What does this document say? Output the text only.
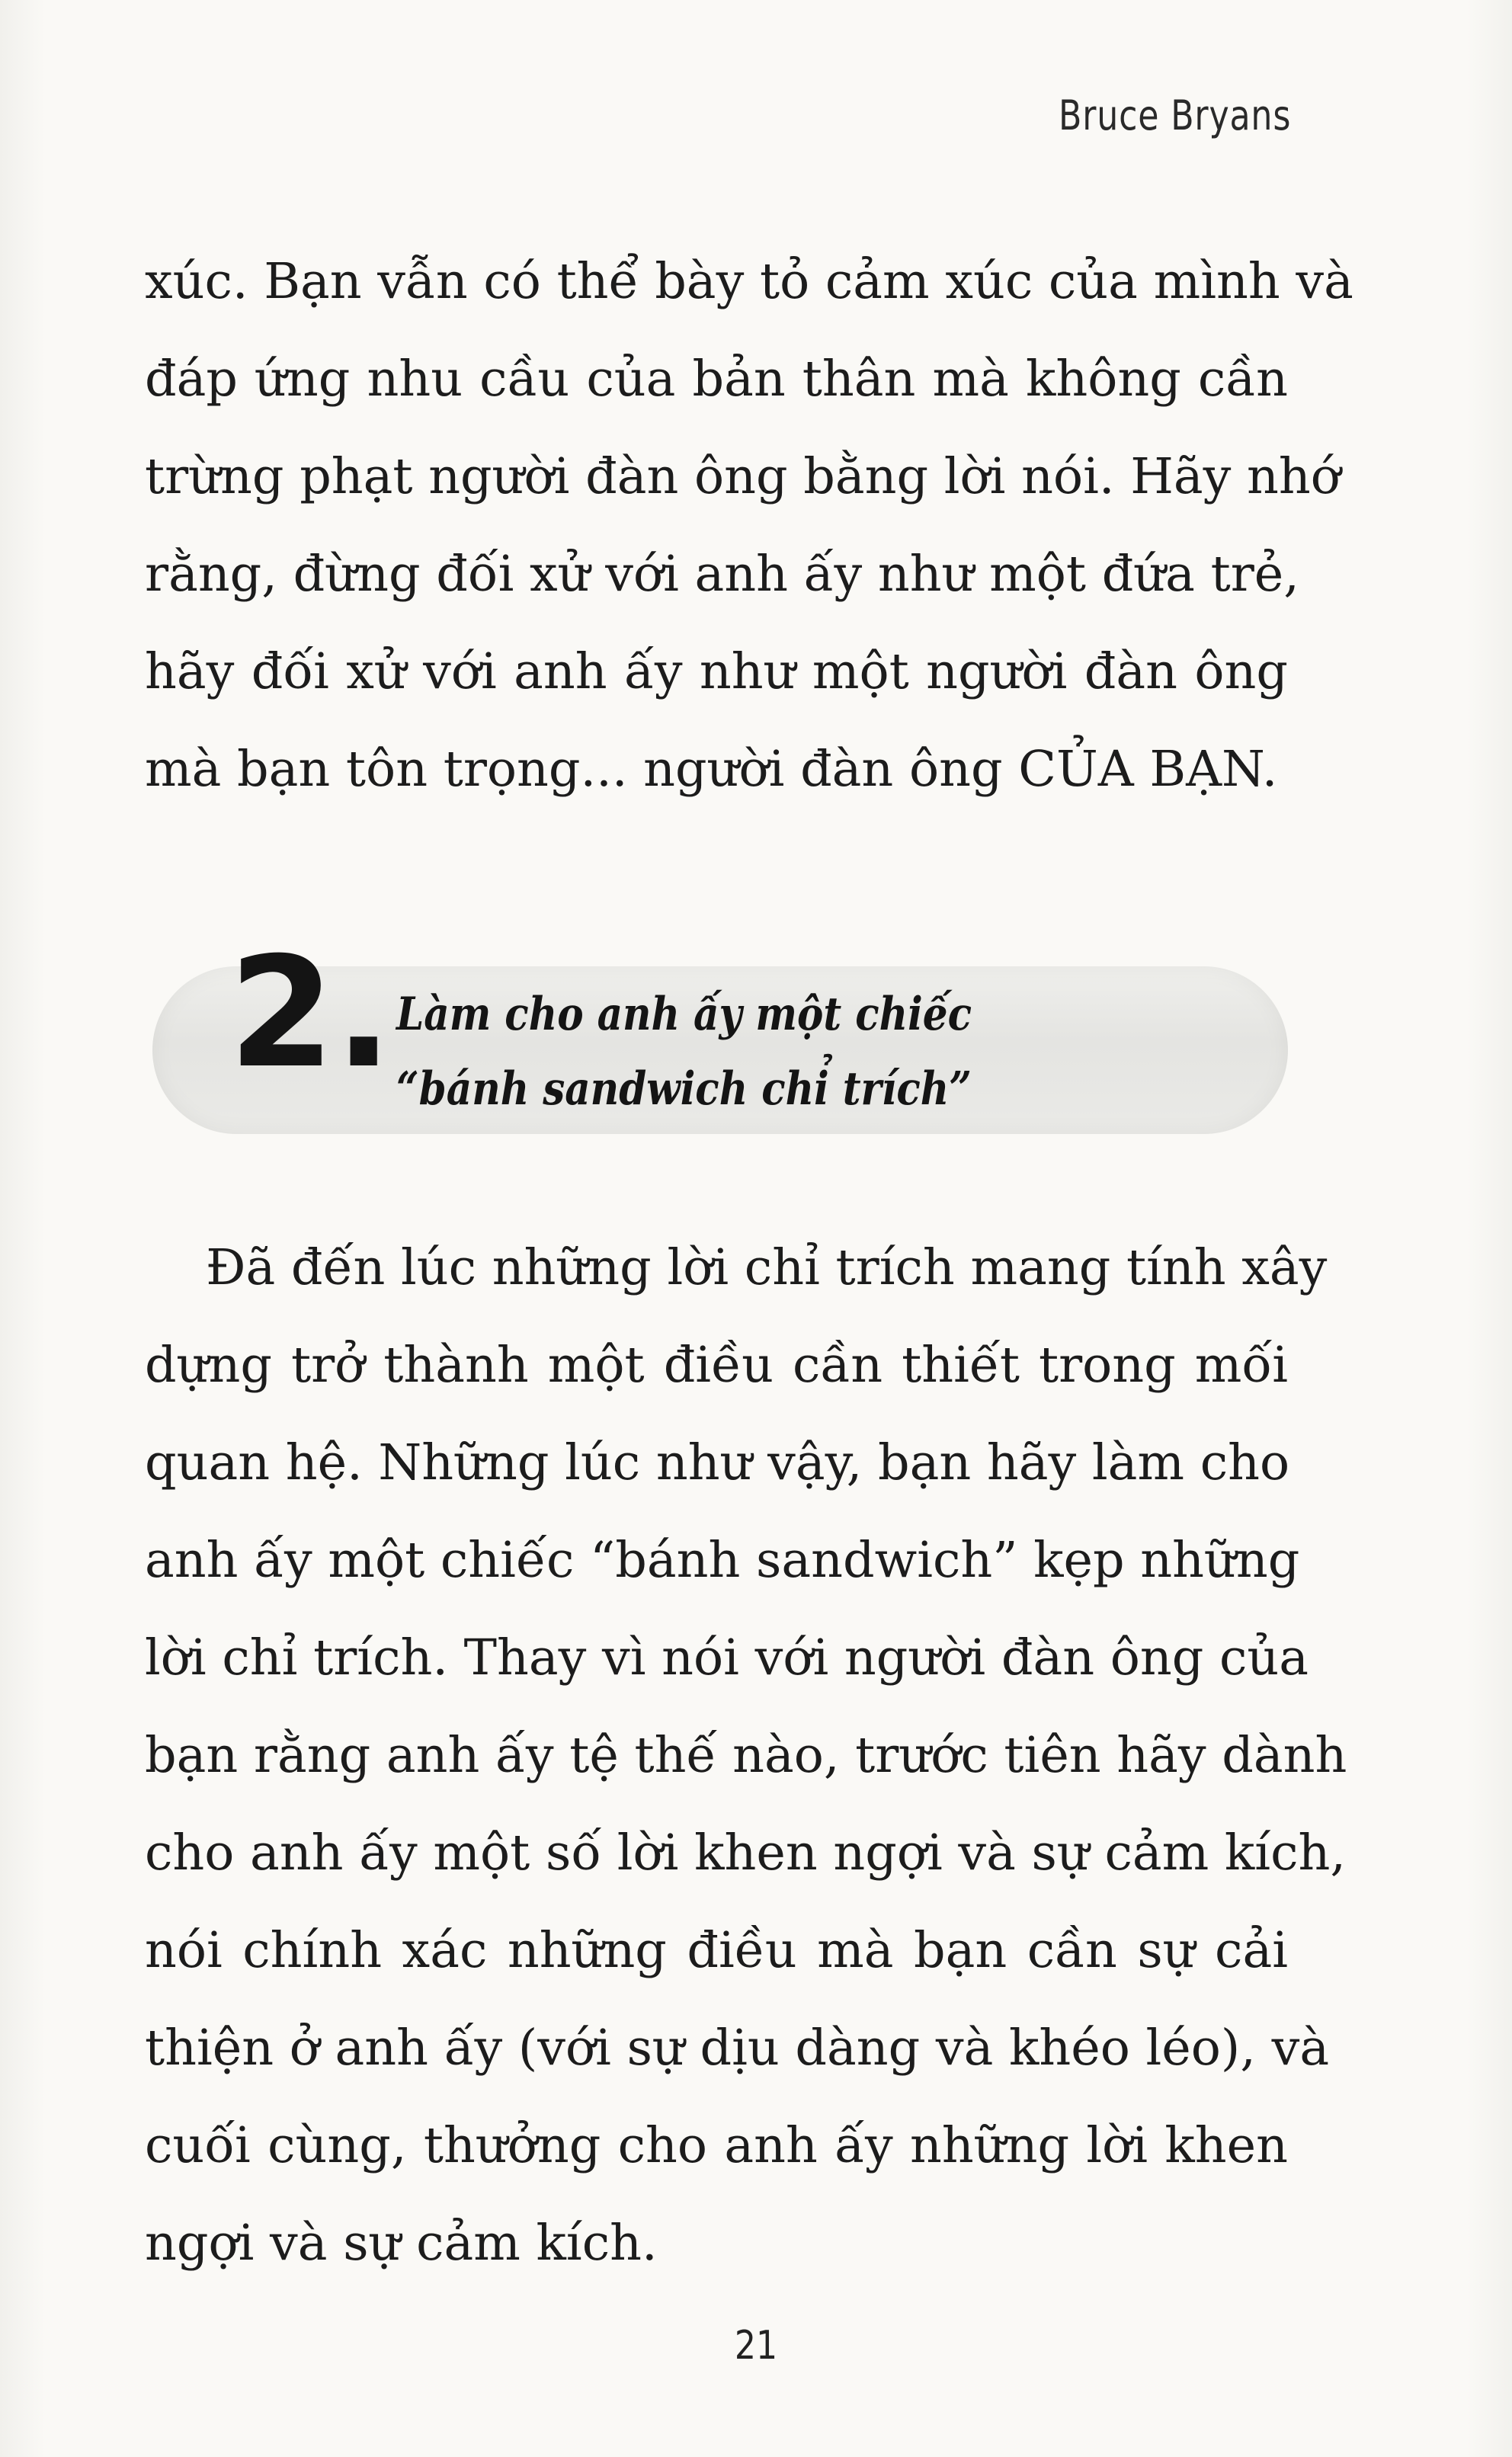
Bruce Bryans
xúc. Bạn vẫn có thể bày tỏ cảm xúc của mình và
đáp ứng nhu cầu của bản thân mà không cần
trừng phạt người đàn ông bằng lời nói. Hãy nhớ
rằng, đừng đối xử với anh ấy như một đứa trẻ,
hãy đối xử với anh ấy như một người đàn ông
mà bạn tôn trọng... người đàn ông CỦA BẠN.
2. Làm cho anh ấy một chiếc
“bánh sandwich chỉ trích”
Đã đến lúc những lời chỉ trích mang tính xây
dựng trở thành một điều cần thiết trong mối
quan hệ. Những lúc như vậy, bạn hãy làm cho
anh ấy một chiếc “bánh sandwich” kẹp những
lời chỉ trích. Thay vì nói với người đàn ông của
bạn rằng anh ấy tệ thế nào, trước tiên hãy dành
cho anh ấy một số lời khen ngợi và sự cảm kích,
nói chính xác những điều mà bạn cần sự cải
thiện ở anh ấy (với sự dịu dàng và khéo léo), và
cuối cùng, thưởng cho anh ấy những lời khen
ngợi và sự cảm kích.
21
